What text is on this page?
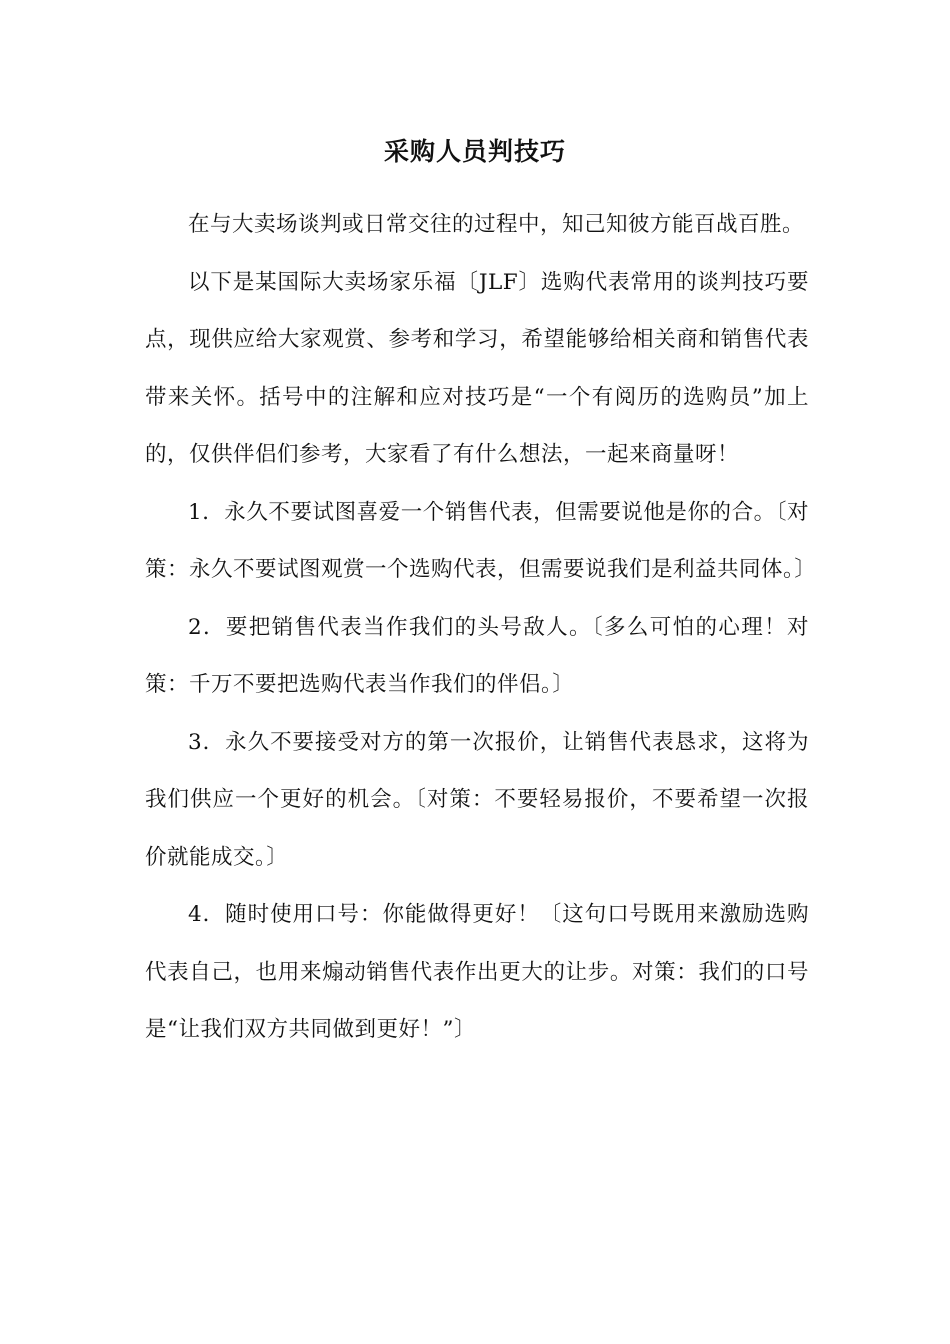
采购人员判技巧

在与大卖场谈判或日常交往的过程中，知己知彼方能百战百胜。

以下是某国际大卖场家乐福〔JLF〕选购代表常用的谈判技巧要点，现供应给大家观赏、参考和学习，希望能够给相关商和销售代表带来关怀。括号中的注解和应对技巧是“一个有阅历的选购员”加上的，仅供伴侣们参考，大家看了有什么想法，一起来商量呀！

1．永久不要试图喜爱一个销售代表，但需要说他是你的合。〔对策：永久不要试图观赏一个选购代表，但需要说我们是利益共同体。〕

2．要把销售代表当作我们的头号敌人。〔多么可怕的心理！对策：千万不要把选购代表当作我们的伴侣。〕

3．永久不要接受对方的第一次报价，让销售代表恳求，这将为我们供应一个更好的机会。〔对策：不要轻易报价，不要希望一次报价就能成交。〕

4．随时使用口号：你能做得更好！〔这句口号既用来激励选购代表自己，也用来煽动销售代表作出更大的让步。对策：我们的口号是“让我们双方共同做到更好！”〕
